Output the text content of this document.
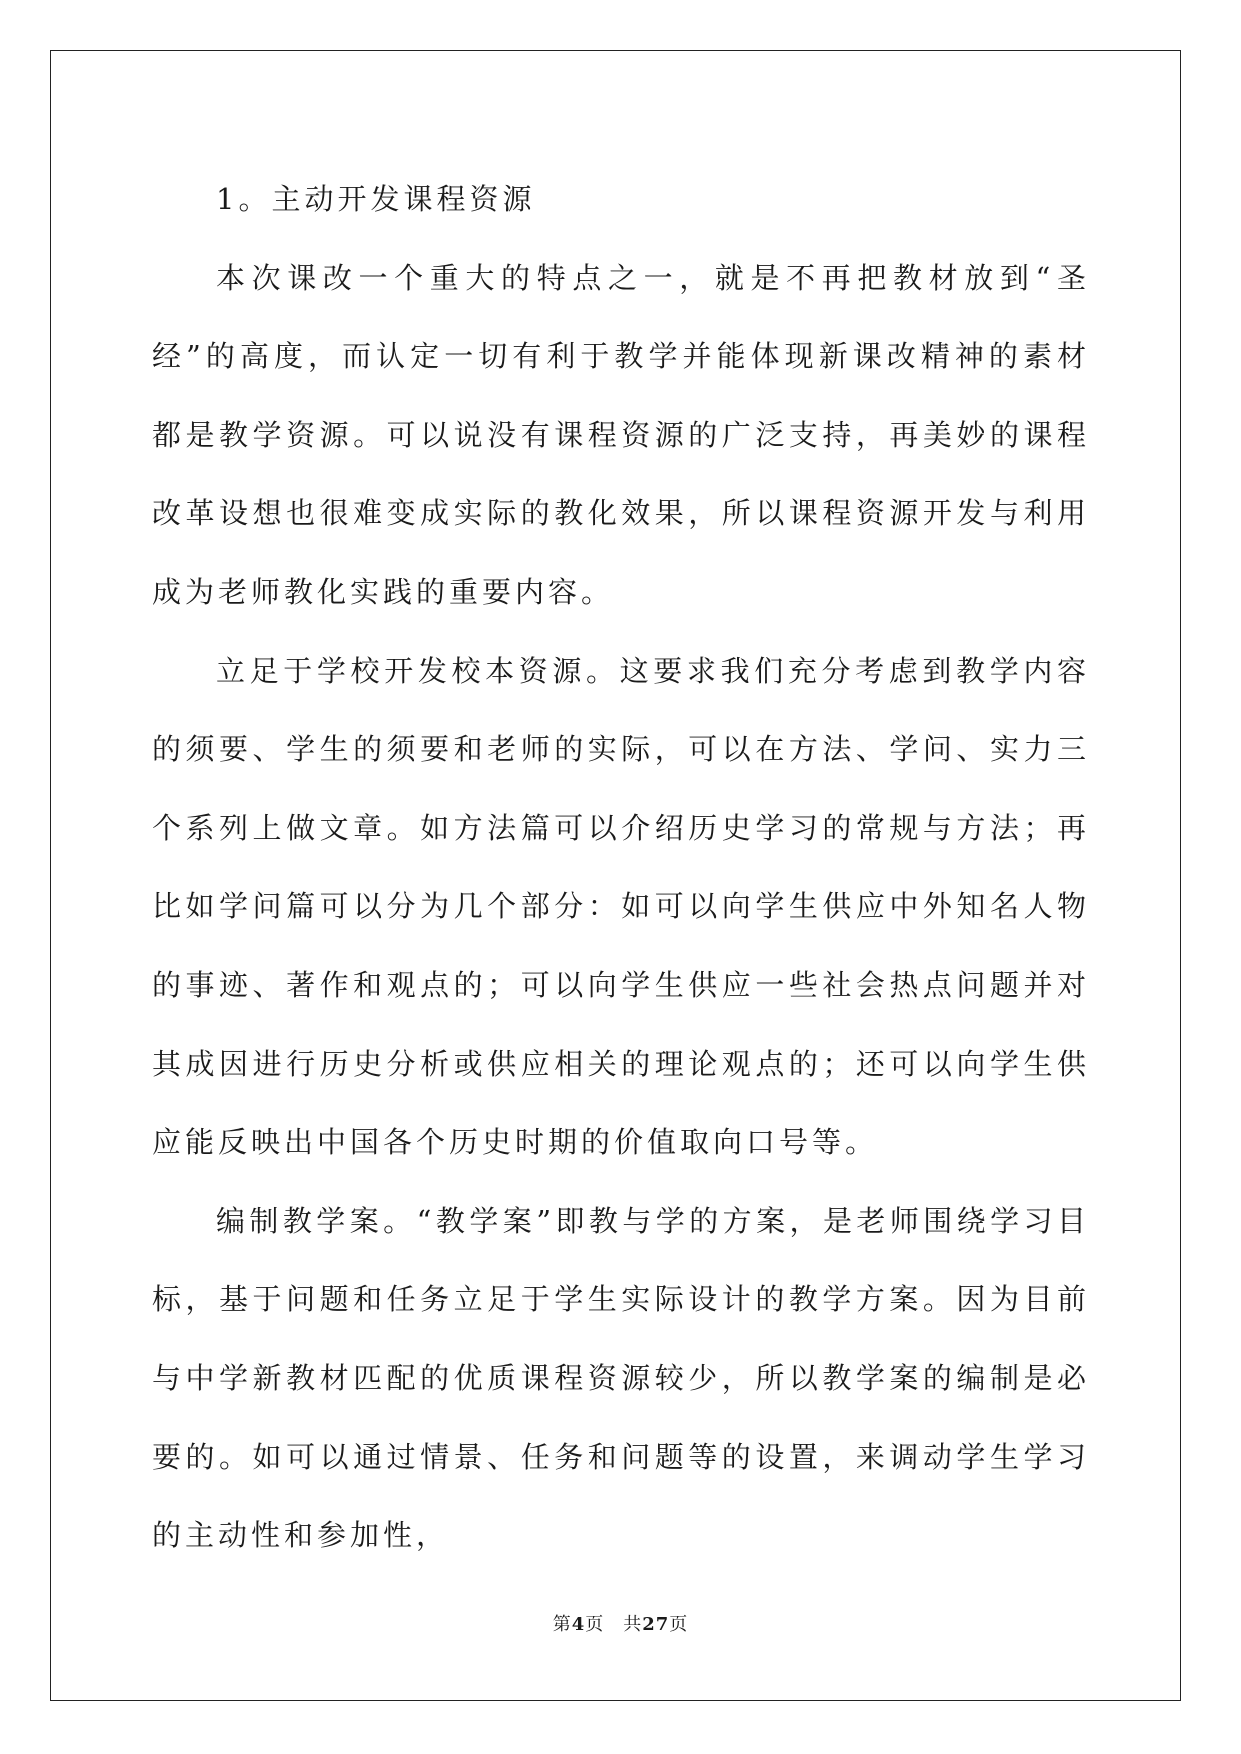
1。主动开发课程资源

本次课改一个重大的特点之一，就是不再把教材放到“圣经”的高度，而认定一切有利于教学并能体现新课改精神的素材都是教学资源。可以说没有课程资源的广泛支持，再美妙的课程改革设想也很难变成实际的教化效果，所以课程资源开发与利用成为老师教化实践的重要内容。

立足于学校开发校本资源。这要求我们充分考虑到教学内容的须要、学生的须要和老师的实际，可以在方法、学问、实力三个系列上做文章。如方法篇可以介绍历史学习的常规与方法；再比如学问篇可以分为几个部分：如可以向学生供应中外知名人物的事迹、著作和观点的；可以向学生供应一些社会热点问题并对其成因进行历史分析或供应相关的理论观点的；还可以向学生供应能反映出中国各个历史时期的价值取向口号等。

编制教学案。“教学案”即教与学的方案，是老师围绕学习目标，基于问题和任务立足于学生实际设计的教学方案。因为目前与中学新教材匹配的优质课程资源较少，所以教学案的编制是必要的。如可以通过情景、任务和问题等的设置，来调动学生学习的主动性和参加性，

第4页　共27页
